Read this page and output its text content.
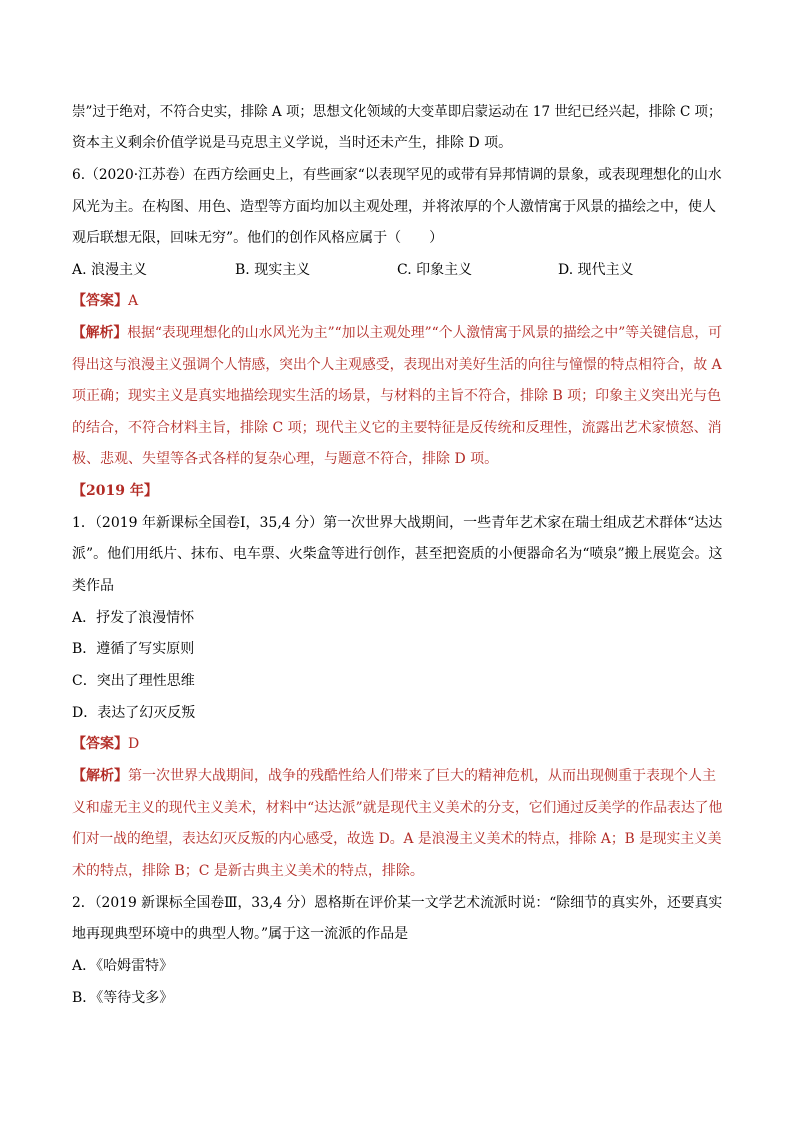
崇”过于绝对，不符合史实，排除 A 项；思想文化领域的大变革即启蒙运动在 17 世纪已经兴起，排除 C 项；
资本主义剩余价值学说是马克思主义学说，当时还未产生，排除 D 项。
6.（2020·江苏卷）在西方绘画史上，有些画家“以表现罕见的或带有异邦情调的景象，或表现理想化的山水
风光为主。在构图、用色、造型等方面均加以主观处理，并将浓厚的个人激情寓于风景的描绘之中，使人
观后联想无限，回味无穷”。他们的创作风格应属于（　　）
A. 浪漫主义	B. 现实主义	C. 印象主义	D. 现代主义
【答案】A
【解析】根据“表现理想化的山水风光为主”“加以主观处理”“个人激情寓于风景的描绘之中”等关键信息，可
得出这与浪漫主义强调个人情感，突出个人主观感受，表现出对美好生活的向往与憧憬的特点相符合，故 A
项正确；现实主义是真实地描绘现实生活的场景，与材料的主旨不符合，排除 B 项；印象主义突出光与色
的结合，不符合材料主旨，排除 C 项；现代主义它的主要特征是反传统和反理性，流露出艺术家愤怒、消
极、悲观、失望等各式各样的复杂心理，与题意不符合，排除 D 项。
【2019 年】
1．（2019 年新课标全国卷Ⅰ，35,4 分）第一次世界大战期间，一些青年艺术家在瑞士组成艺术群体“达达
派”。他们用纸片、抹布、电车票、火柴盒等进行创作，甚至把瓷质的小便器命名为“喷泉”搬上展览会。这
类作品
A．抒发了浪漫情怀
B．遵循了写实原则
C．突出了理性思维
D．表达了幻灭反叛
【答案】D
【解析】第一次世界大战期间，战争的残酷性给人们带来了巨大的精神危机，从而出现侧重于表现个人主
义和虚无主义的现代主义美术，材料中“达达派”就是现代主义美术的分支，它们通过反美学的作品表达了他
们对一战的绝望，表达幻灭反叛的内心感受，故选 D。A 是浪漫主义美术的特点，排除 A；B 是现实主义美
术的特点，排除 B；C 是新古典主义美术的特点，排除。
2．（2019 新课标全国卷Ⅲ，33,4 分）恩格斯在评价某一文学艺术流派时说：“除细节的真实外，还要真实
地再现典型环境中的典型人物。”属于这一流派的作品是
A．《哈姆雷特》
B．《等待戈多》
